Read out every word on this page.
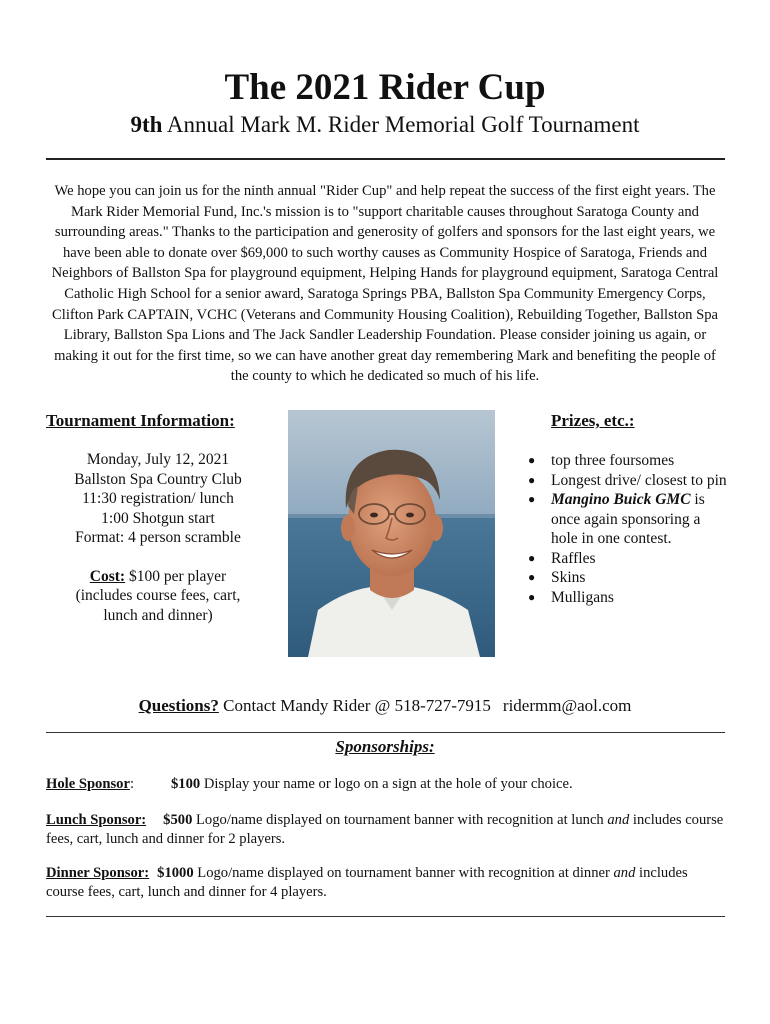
The 2021 Rider Cup
9th Annual Mark M. Rider Memorial Golf Tournament
We hope you can join us for the ninth annual "Rider Cup" and help repeat the success of the first eight years. The Mark Rider Memorial Fund, Inc.'s mission is to "support charitable causes throughout Saratoga County and surrounding areas." Thanks to the participation and generosity of golfers and sponsors for the last eight years, we have been able to donate over $69,000 to such worthy causes as Community Hospice of Saratoga, Friends and Neighbors of Ballston Spa for playground equipment, Helping Hands for playground equipment, Saratoga Central Catholic High School for a senior award, Saratoga Springs PBA, Ballston Spa Community Emergency Corps, Clifton Park CAPTAIN, VCHC (Veterans and Community Housing Coalition), Rebuilding Together, Ballston Spa Library, Ballston Spa Lions and The Jack Sandler Leadership Foundation. Please consider joining us again, or making it out for the first time, so we can have another great day remembering Mark and benefiting the people of the county to which he dedicated so much of his life.
Tournament Information:
Monday, July 12, 2021
Ballston Spa Country Club
11:30 registration/ lunch
1:00 Shotgun start
Format: 4 person scramble
Cost: $100 per player
(includes course fees, cart,
lunch and dinner)
Prizes, etc.:
● top three foursomes
● Longest drive/ closest to pin
● Mangino Buick GMC is once again sponsoring a hole in one contest.
● Raffles
● Skins
● Mulligans
Questions? Contact Mandy Rider @ 518-727-7915 ridermm@aol.com
Sponsorships:
Hole Sponsor:	$100 Display your name or logo on a sign at the hole of your choice.
Lunch Sponsor: $500 Logo/name displayed on tournament banner with recognition at lunch and includes course fees, cart, lunch and dinner for 2 players.
Dinner Sponsor: $1000 Logo/name displayed on tournament banner with recognition at dinner and includes course fees, cart, lunch and dinner for 4 players.
